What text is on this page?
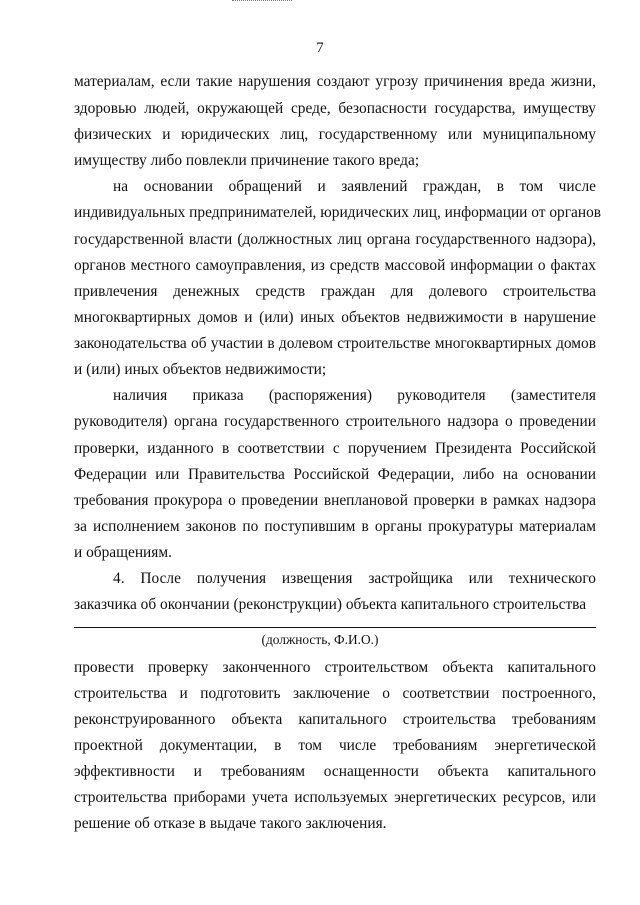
7
материалам, если такие нарушения создают угрозу причинения вреда жизни,
здоровью людей, окружающей среде, безопасности государства, имуществу
физических и юридических лиц, государственному или муниципальному
имуществу либо повлекли причинение такого вреда;
на основании обращений и заявлений граждан, в том числе
индивидуальных предпринимателей, юридических лиц, информации от органов
государственной власти (должностных лиц органа государственного надзора),
органов местного самоуправления, из средств массовой информации о фактах
привлечения денежных средств граждан для долевого строительства
многоквартирных домов и (или) иных объектов недвижимости в нарушение
законодательства об участии в долевом строительстве многоквартирных домов
и (или) иных объектов недвижимости;
наличия приказа (распоряжения) руководителя (заместителя
руководителя) органа государственного строительного надзора о проведении
проверки, изданного в соответствии с поручением Президента Российской
Федерации или Правительства Российской Федерации, либо на основании
требования прокурора о проведении внеплановой проверки в рамках надзора
за исполнением законов по поступившим в органы прокуратуры материалам
и обращениям.
4. После получения извещения застройщика или технического
заказчика об окончании (реконструкции) объекта капитального строительства
(должность, Ф.И.О.)
провести проверку законченного строительством объекта капитального
строительства и подготовить заключение о соответствии построенного,
реконструированного объекта капитального строительства требованиям
проектной документации, в том числе требованиям энергетической
эффективности и требованиям оснащенности объекта капитального
строительства приборами учета используемых энергетических ресурсов, или
решение об отказе в выдаче такого заключения.
